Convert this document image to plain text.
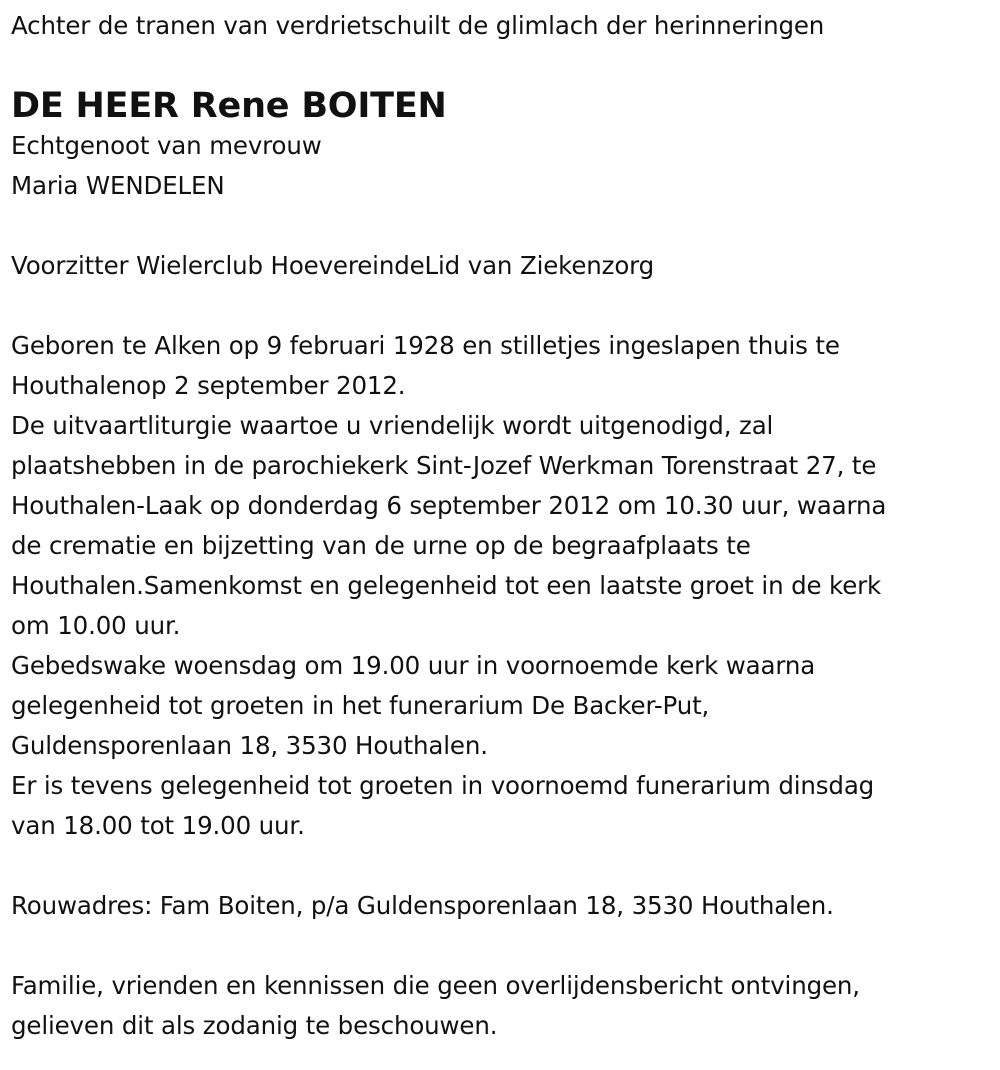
Achter de tranen van verdrietschuilt de glimlach der herinneringen
DE HEER Rene BOITEN
Echtgenoot van mevrouw
Maria WENDELEN
Voorzitter Wielerclub HoevereindeLid van Ziekenzorg
Geboren te Alken op 9 februari 1928 en stilletjes ingeslapen thuis te
Houthalenop 2 september 2012.
De uitvaartliturgie waartoe u vriendelijk wordt uitgenodigd, zal
plaatshebben in de parochiekerk Sint-Jozef Werkman Torenstraat 27, te
Houthalen-Laak op donderdag 6 september 2012 om 10.30 uur, waarna
de crematie en bijzetting van de urne op de begraafplaats te
Houthalen.Samenkomst en gelegenheid tot een laatste groet in de kerk
om 10.00 uur.
Gebedswake woensdag om 19.00 uur in voornoemde kerk waarna
gelegenheid tot groeten in het funerarium De Backer-Put,
Guldensporenlaan 18, 3530 Houthalen.
Er is tevens gelegenheid tot groeten in voornoemd funerarium dinsdag
van 18.00 tot 19.00 uur.
Rouwadres: Fam Boiten, p/a Guldensporenlaan 18, 3530 Houthalen.
Familie, vrienden en kennissen die geen overlijdensbericht ontvingen,
gelieven dit als zodanig te beschouwen.
